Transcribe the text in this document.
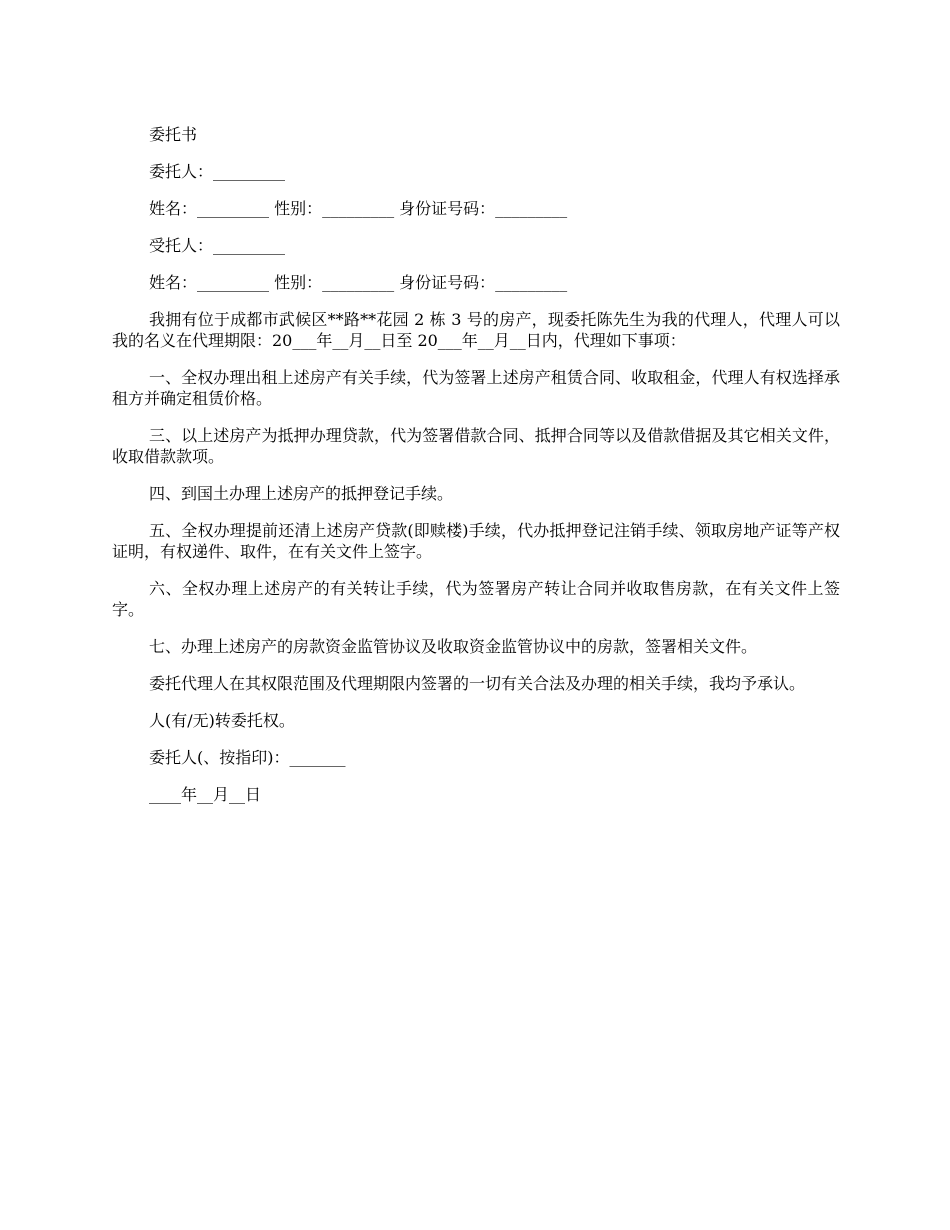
委托书

委托人：_________

姓名：_________ 性别：_________ 身份证号码：_________

受托人：_________

姓名：_________ 性别：_________ 身份证号码：_________

我拥有位于成都市武候区**路**花园 2 栋 3 号的房产，现委托陈先生为我的代理人，代理人可以我的名义在代理期限：20___年__月__日至 20___年__月__日内，代理如下事项：

一、全权办理出租上述房产有关手续，代为签署上述房产租赁合同、收取租金，代理人有权选择承租方并确定租赁价格。

三、以上述房产为抵押办理贷款，代为签署借款合同、抵押合同等以及借款借据及其它相关文件，收取借款款项。

四、到国土办理上述房产的抵押登记手续。

五、全权办理提前还清上述房产贷款(即赎楼)手续，代办抵押登记注销手续、领取房地产证等产权证明，有权递件、取件，在有关文件上签字。

六、全权办理上述房产的有关转让手续，代为签署房产转让合同并收取售房款，在有关文件上签字。

七、办理上述房产的房款资金监管协议及收取资金监管协议中的房款，签署相关文件。

委托代理人在其权限范围及代理期限内签署的一切有关合法及办理的相关手续，我均予承认。

人(有/无)转委托权。

委托人(、按指印)：_______

____年__月__日
